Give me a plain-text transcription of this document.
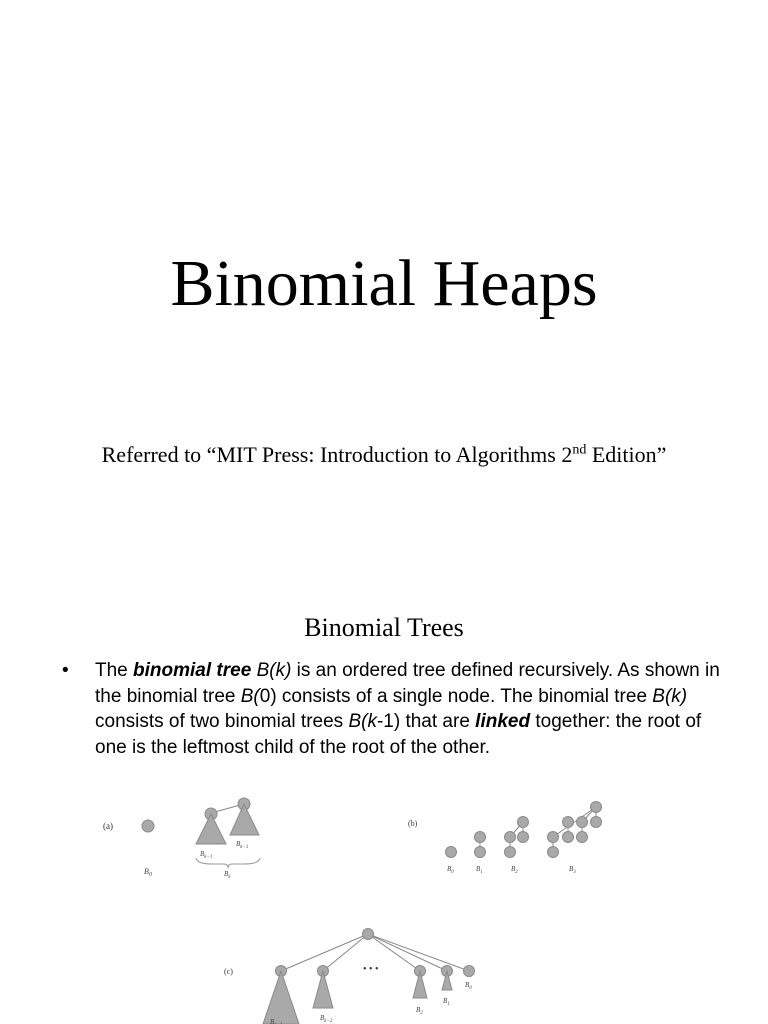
Binomial Heaps
Referred to “MIT Press: Introduction to Algorithms 2nd Edition”
Binomial Trees
• The binomial tree B(k) is an ordered tree defined recursively. As shown in the binomial tree B(0) consists of a single node. The binomial tree B(k) consists of two binomial trees B(k-1) that are linked together: the root of one is the leftmost child of the root of the other.
(a)
$B_0$
$B_{k-1}$
$B_{k-1}$
$B_k$
(b)
$B_0$	$B_1$	$B_2$	$B_3$
(c)	• • •
B	$B_{k-2}$
$B_2$
$B_1$
$B_0$
